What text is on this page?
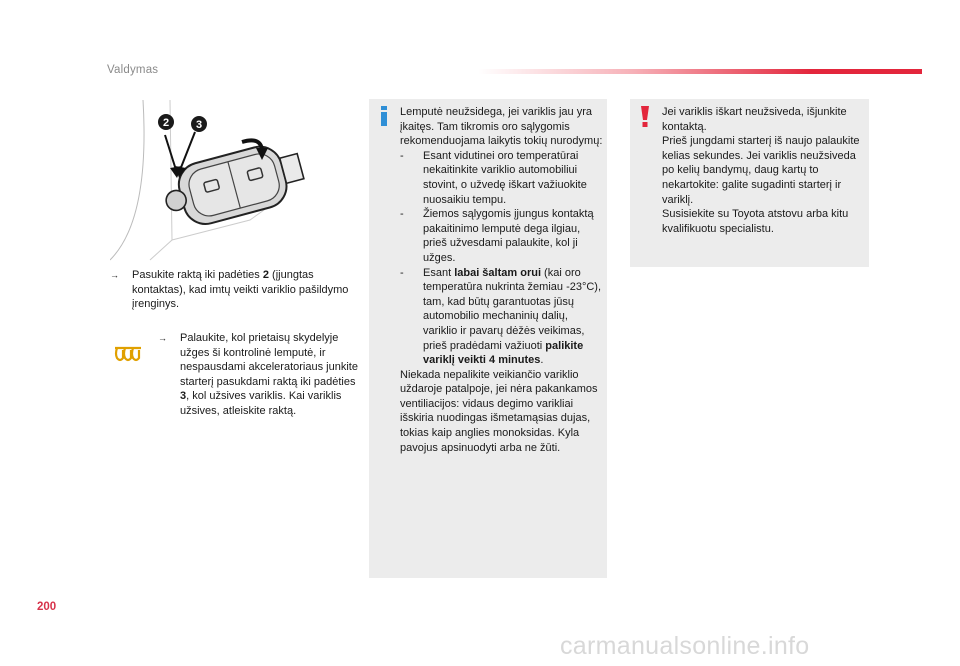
Valdymas
2 3
→	Pasukite raktą iki padėties 2 (įjungtas kontaktas), kad imtų veikti variklio pašildymo įrenginys.
→	Palaukite, kol prietaisų skydelyje užges ši kontrolinė lemputė, ir nespausdami akceleratoriaus junkite starterį pasukdami raktą iki padėties 3, kol užsives variklis. Kai variklis užsives, atleiskite raktą.

Lemputė neužsidega, jei variklis jau yra įkaitęs. Tam tikromis oro sąlygomis rekomenduojama laikytis tokių nurodymų:

- Esant vidutinei oro temperatūrai nekaitinkite variklio automobiliui stovint, o užvedę iškart važiuokite nuosaikiu tempu.

- Žiemos sąlygomis įjungus kontaktą pakaitinimo lemputė dega ilgiau, prieš užvesdami palaukite, kol ji užges.

- Esant labai šaltam orui (kai oro temperatūra nukrinta žemiau -23°C), tam, kad būtų garantuotas jūsų automobilio mechaninių dalių, variklio ir pavarų dėžės veikimas, prieš pradėdami važiuoti palikite variklį veikti 4 minutes.

Niekada nepalikite veikiančio variklio uždaroje patalpoje, jei nėra pakankamos ventiliacijos: vidaus degimo varikliai išskiria nuodingas išmetamąsias dujas, tokias kaip anglies monoksidas. Kyla pavojus apsinuodyti arba ne žūti.

Jei variklis iškart neužsiveda, išjunkite kontaktą.

Prieš jungdami starterį iš naujo palaukite kelias sekundes. Jei variklis neužsiveda po kelių bandymų, daug kartų to nekartokite: galite sugadinti starterį ir variklį.

Susisiekite su Toyota atstovu arba kitu kvalifikuotu specialistu.

200
carmanualsonline.info
